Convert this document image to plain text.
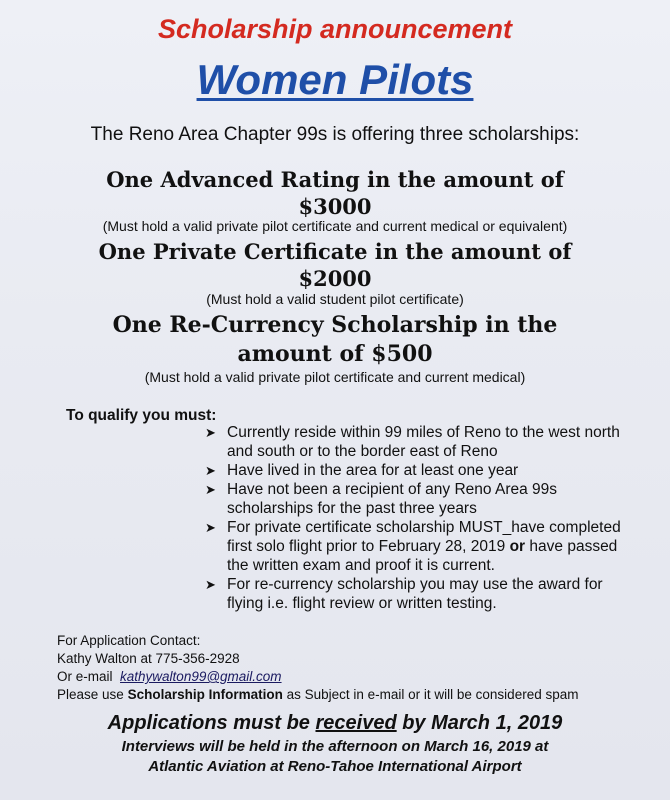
Scholarship announcement
Women Pilots
The Reno Area Chapter 99s is offering three scholarships:
One Advanced Rating in the amount of
$3000
(Must hold a valid private pilot certificate and current medical or equivalent)
One Private Certificate in the amount of
$2000
(Must hold a valid student pilot certificate)
One Re-Currency Scholarship in the
amount of $500
(Must hold a valid private pilot certificate and current medical)
To qualify you must:
➤ Currently reside within 99 miles of Reno to the west north and south or to the border east of Reno
➤ Have lived in the area for at least one year
➤ Have not been a recipient of any Reno Area 99s scholarships for the past three years
➤ For private certificate scholarship MUST_have completed first solo flight prior to February 28, 2019 or have passed the written exam and proof it is current.
➤ For re-currency scholarship you may use the award for flying i.e. flight review or written testing.
For Application Contact:
Kathy Walton at 775-356-2928
Or e-mail kathywalton99@gmail.com
Please use Scholarship Information as Subject in e-mail or it will be considered spam
Applications must be received by March 1, 2019
Interviews will be held in the afternoon on March 16, 2019 at
Atlantic Aviation at Reno-Tahoe International Airport
